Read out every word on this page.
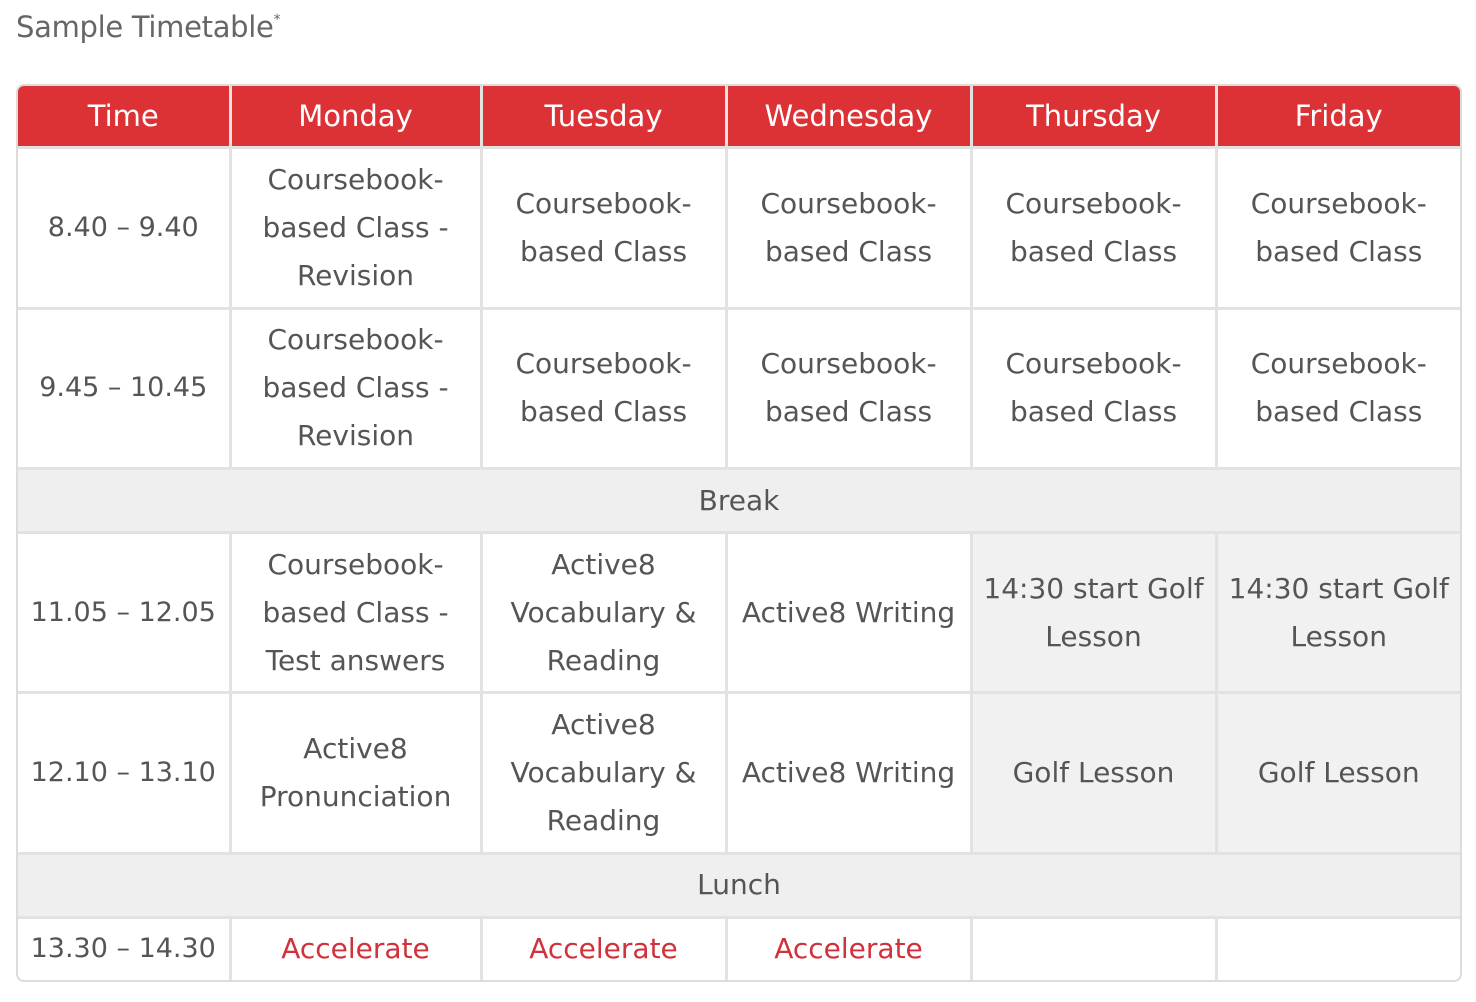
Sample Timetable*
Time	Monday	Tuesday	Wednesday	Thursday	Friday
8.40 – 9.40	Coursebook-based Class - Revision	Coursebook-based Class	Coursebook-based Class	Coursebook-based Class	Coursebook-based Class
9.45 – 10.45	Coursebook-based Class - Revision	Coursebook-based Class	Coursebook-based Class	Coursebook-based Class	Coursebook-based Class
Break					
11.05 – 12.05	Coursebook-based Class - Test answers	Active8 Vocabulary & Reading	Active8 Writing	14:30 start Golf Lesson	14:30 start Golf Lesson
12.10 – 13.10	Active8 Pronunciation	Active8 Vocabulary & Reading	Active8 Writing	Golf Lesson	Golf Lesson
Lunch					
13.30 – 14.30	Accelerate	Accelerate	Accelerate		
